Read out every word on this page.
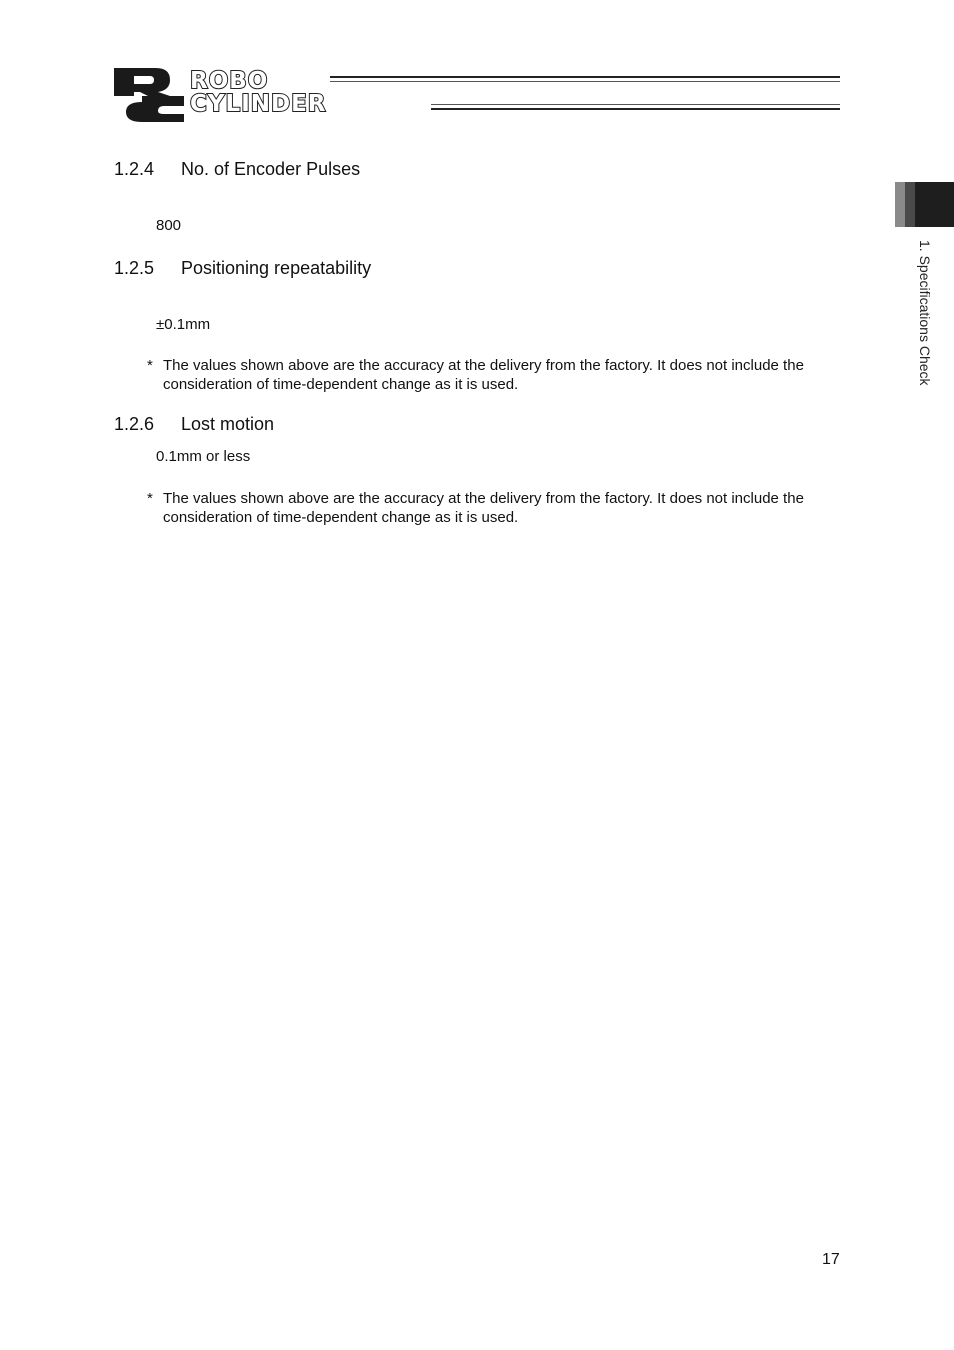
ROBO
CYLINDER
1. Specifications Check
1.2.4 No. of Encoder Pulses
800
1.2.5 Positioning repeatability
±0.1mm
* The values shown above are the accuracy at the delivery from the factory. It does not include the consideration of time-dependent change as it is used.
1.2.6 Lost motion
0.1mm or less
* The values shown above are the accuracy at the delivery from the factory. It does not include the consideration of time-dependent change as it is used.
17
